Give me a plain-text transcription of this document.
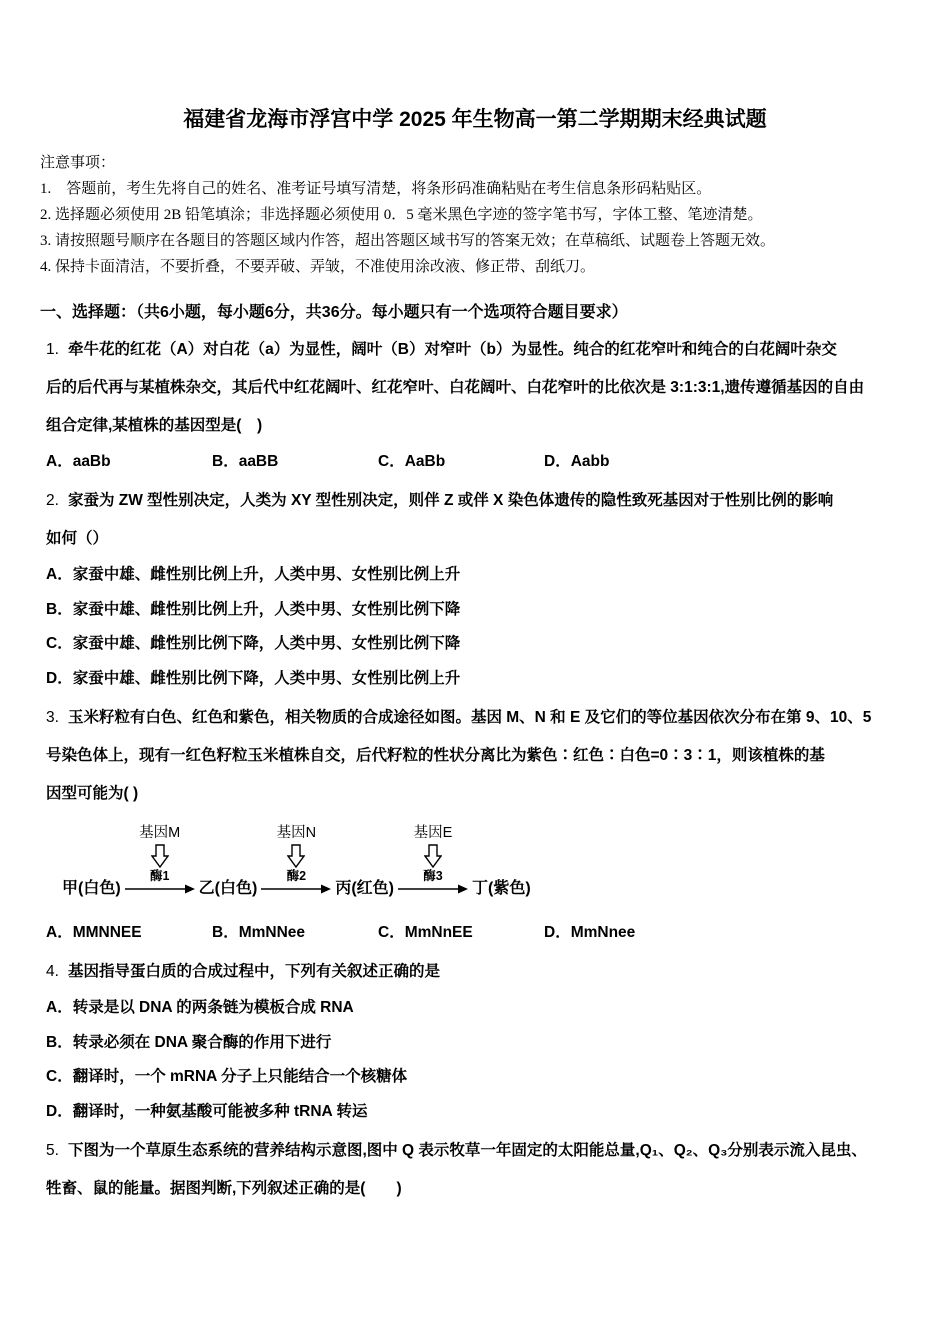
福建省龙海市浮宫中学 2025 年生物高一第二学期期末经典试题
注意事项：
1.　答题前，考生先将自己的姓名、准考证号填写清楚，将条形码准确粘贴在考生信息条形码粘贴区。
2. 选择题必须使用 2B 铅笔填涂；非选择题必须使用 0．5 毫米黑色字迹的签字笔书写，字体工整、笔迹清楚。
3. 请按照题号顺序在各题目的答题区域内作答，超出答题区域书写的答案无效；在草稿纸、试题卷上答题无效。
4. 保持卡面清洁，不要折叠，不要弄破、弄皱，不准使用涂改液、修正带、刮纸刀。
一、选择题：（共6小题，每小题6分，共36分。每小题只有一个选项符合题目要求）
1. 牵牛花的红花（A）对白花（a）为显性，阔叶（B）对窄叶（b）为显性。纯合的红花窄叶和纯合的白花阔叶杂交
后的后代再与某植株杂交，其后代中红花阔叶、红花窄叶、白花阔叶、白花窄叶的比依次是 3:1:3:1,遗传遵循基因的自由
组合定律,某植株的基因型是(　)
A．aaBb	B．aaBB	C．AaBb	D．Aabb
2. 家蚕为 ZW 型性别决定，人类为 XY 型性别决定，则伴 Z 或伴 X 染色体遗传的隐性致死基因对于性别比例的影响
如何（）
A．家蚕中雄、雌性别比例上升，人类中男、女性别比例上升
B．家蚕中雄、雌性别比例上升，人类中男、女性别比例下降
C．家蚕中雄、雌性别比例下降，人类中男、女性别比例下降
D．家蚕中雄、雌性别比例下降，人类中男、女性别比例上升
3. 玉米籽粒有白色、红色和紫色，相关物质的合成途径如图。基因 M、N 和 E 及它们的等位基因依次分布在第 9、10、5
号染色体上，现有一红色籽粒玉米植株自交，后代籽粒的性状分离比为紫色∶红色∶白色=0∶3∶1，则该植株的基
因型可能为( )
甲(白色)
基因M
酶1
乙(白色)
基因N
酶2
丙(红色)
基因E
酶3
丁(紫色)
A．MMNNEE	B．MmNNee	C．MmNnEE	D．MmNnee
4. 基因指导蛋白质的合成过程中，下列有关叙述正确的是
A．转录是以 DNA 的两条链为模板合成 RNA
B．转录必须在 DNA 聚合酶的作用下进行
C．翻译时，一个 mRNA 分子上只能结合一个核糖体
D．翻译时，一种氨基酸可能被多种 tRNA 转运
5. 下图为一个草原生态系统的营养结构示意图,图中 Q 表示牧草一年固定的太阳能总量,Q₁、Q₂、Q₃分别表示流入昆虫、
牲畜、鼠的能量。据图判断,下列叙述正确的是(　　)
